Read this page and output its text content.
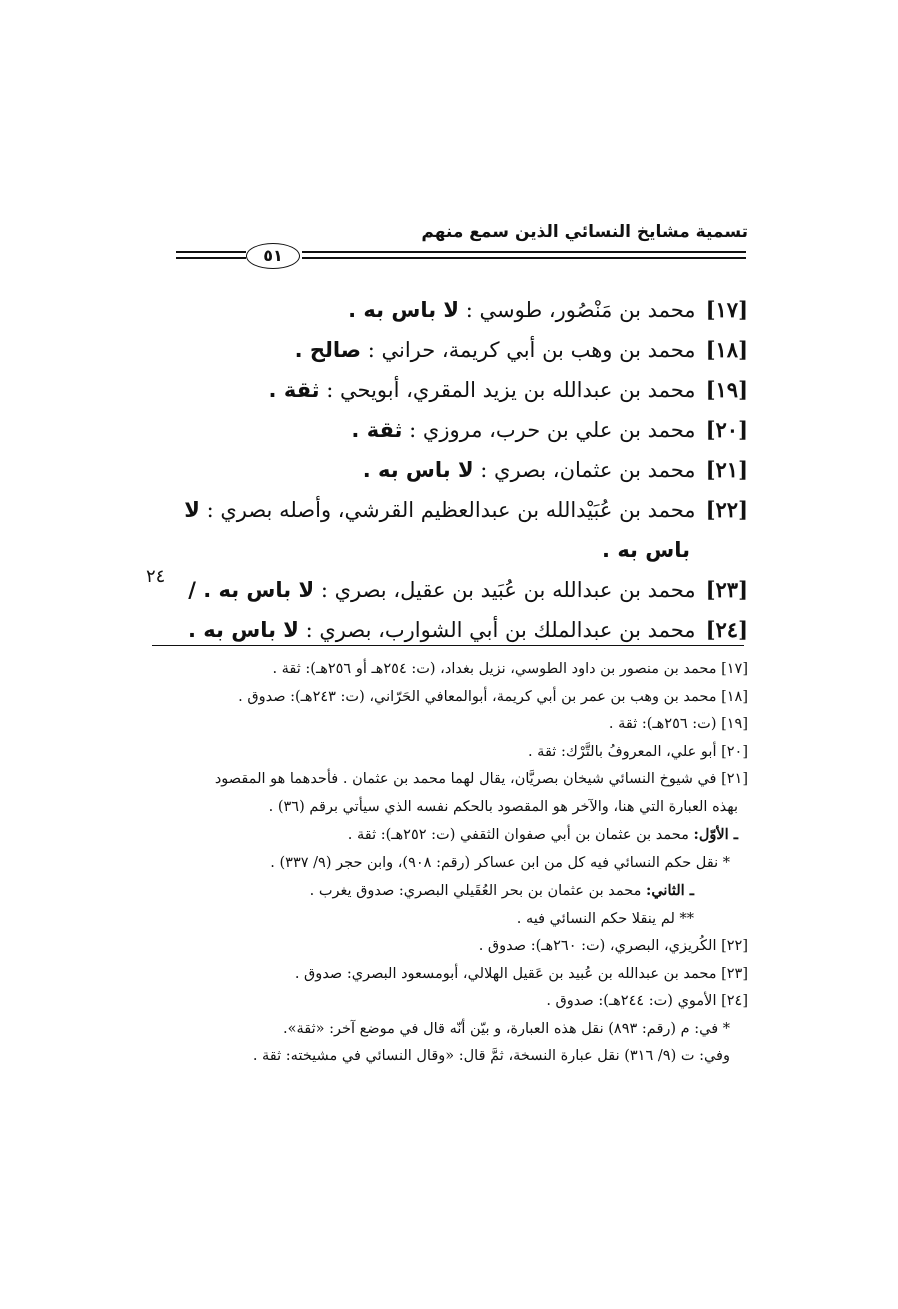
تسمية مشايخ النسائي الذين سمع منهم
٥١
[١٧]محمد بن مَنْصُور، طوسي : لا باس به .
[١٨]محمد بن وهب بن أبي كريمة، حراني : صالح .
[١٩]محمد بن عبدالله بن يزيد المقري، أبويحي : ثقة .
[٢٠]محمد بن علي بن حرب، مروزي : ثقة .
[٢١]محمد بن عثمان، بصري : لا باس به .
[٢٢]محمد بن عُبَيْدالله بن عبدالعظيم القرشي، وأصله بصري : لا
باس به .
[٢٣]محمد بن عبدالله بن عُبَيد بن عقيل، بصري : لا باس به . /
[٢٤]محمد بن عبدالملك بن أبي الشوارب، بصري : لا باس به .
٢٤
[١٧] محمد بن منصور بن داود الطوسي، نزيل بغداد، (ت: ٢٥٤هـ أو ٢٥٦هـ): ثقة .
[١٨] محمد بن وهب بن عمر بن أبي كريمة، أبوالمعافي الحَرّاني، (ت: ٢٤٣هـ): صدوق .
[١٩] (ت: ٢٥٦هـ): ثقة .
[٢٠] أبو علي، المعروفُ بالتَّرْك: ثقة .
[٢١] في شيوخ النسائي شيخان بصريَّان، يقال لهما محمد بن عثمان . فأحدهما هو المقصود
بهذه العبارة التي هنا، والآخر هو المقصود بالحكم نفسه الذي سيأتي برقم (٣٦) .
ـ الأوّل: محمد بن عثمان بن أبي صفوان الثقفي (ت: ٢٥٢هـ): ثقة .
* نقل حكم النسائي فيه كل من ابن عساكر (رقم: ٩٠٨)، وابن حجر (٩/ ٣٣٧) .
ـ الثاني: محمد بن عثمان بن بحر العُقَيلي البصري: صدوق يغرب .
** لم ينقلا حكم النسائي فيه .
[٢٢] الكُريزي، البصري، (ت: ٢٦٠هـ): صدوق .
[٢٣] محمد بن عبدالله بن عُبيد بن عَقيل الهلالي، أبومسعود البصري: صدوق .
[٢٤] الأموي (ت: ٢٤٤هـ): صدوق .
* في: م (رقم: ٨٩٣) نقل هذه العبارة، و بيّن أنّه قال في موضع آخر: «ثقة».
وفي: ت (٩/ ٣١٦) نقل عبارة النسخة، ثمَّ قال: «وقال النسائي في مشيخته: ثقة .
